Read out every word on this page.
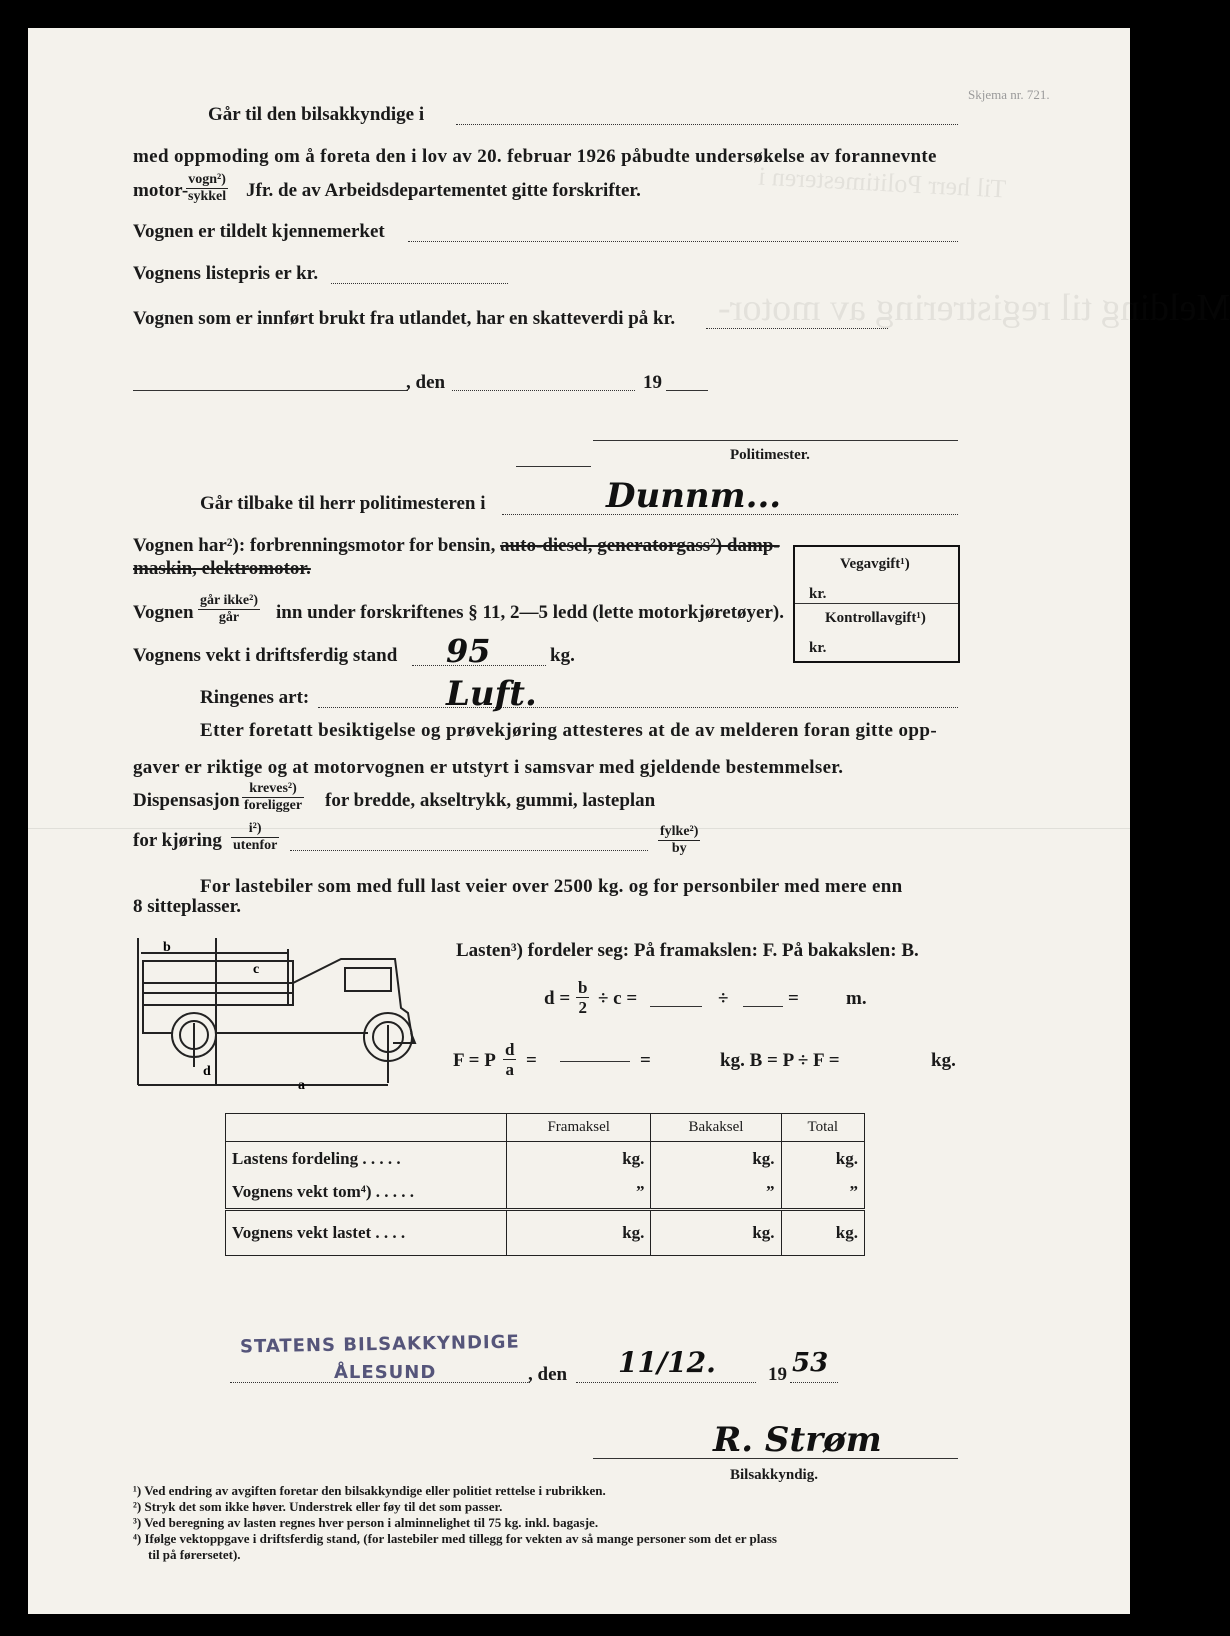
Melding til registrering av motor-
Til herr Politimesteren i
Skjema nr. 721.
Går til den bilsakkyndige i
med oppmoding om å foreta den i lov av 20. februar 1926 påbudte undersøkelse av forannevnte
motor-
vogn²)
sykkel Jfr. de av Arbeidsdepartementet gitte forskrifter.
Vognen er tildelt kjennemerket
Vognens listepris er kr.
Vognen som er innført brukt fra utlandet, har en skatteverdi på kr.
, den	19
Politimester.
Går tilbake til herr politimesteren i	Dunnm...
Vognen har²): forbrenningsmotor for bensin, auto-diesel, generatorgass²) damp-
maskin, elektromotor.	Vegavgift¹)
kr.
Kontrollavgift¹)
kr.
Vognen
går ikke²)
går	inn under forskriftenes § 11, 2—5 ledd (lette motorkjøretøyer).
Vognens vekt i driftsferdig stand 95	kg.
Ringenes art:	Luft.
Etter foretatt besiktigelse og prøvekjøring attesteres at de av melderen foran gitte opp-
gaver er riktige og at motorvognen er utstyrt i samsvar med gjeldende bestemmelser.
Dispensasjon
kreves²)
foreligger for bredde, akseltrykk, gummi, lasteplan
for kjøring
i²)
utenfor
fylke²)
by
For lastebiler som med full last veier over 2500 kg. og for personbiler med mere enn
8 sitteplasser.
b
c
d
a
Lasten³) fordeler seg: På framakslen: F. På bakakslen: B.
$d = \frac{b}{2} \div c$ =	÷	= m.
F = P $\frac{d}{a}$ =	=	kg. B = P ÷ F =	kg.
	Framaksel	Bakaksel	Total
Lastens fordeling . . . . .	kg.	kg.	kg.
Vognens vekt tom⁴) . . . . .	”	”	”
Vognens vekt lastet . . . .	kg.	kg.	kg.
STATENS BILSAKKYNDIGE
ÅLESUND	, den 11/12.	19 53
R. Strøm
Bilsakkyndig.
¹) Ved endring av avgiften foretar den bilsakkyndige eller politiet rettelse i rubrikken.
²) Stryk det som ikke høver. Understrek eller føy til det som passer.
³) Ved beregning av lasten regnes hver person i alminnelighet til 75 kg. inkl. bagasje.
⁴) Ifølge vektoppgave i driftsferdig stand, (for lastebiler med tillegg for vekten av så mange personer som det er plass
til på førersetet).
